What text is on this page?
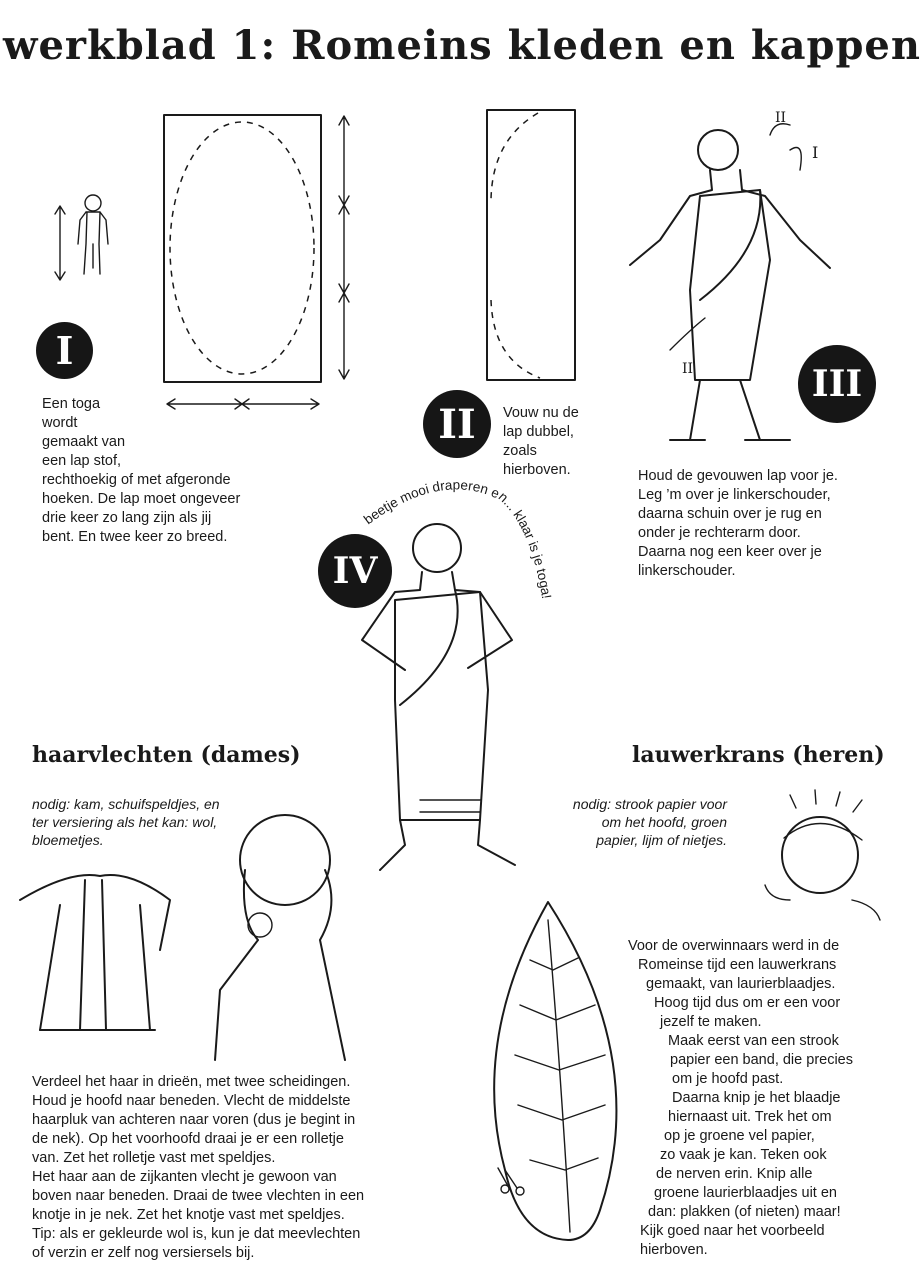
werkblad 1: Romeins kleden en kappen
I
Een toga
wordt
gemaakt van
een lap stof,
rechthoekig of met afgeronde
hoeken. De lap moet ongeveer
drie keer zo lang zijn als jij
bent. En twee keer zo breed.
II	Vouw nu de
lap dubbel,
zoals
hierboven.
II
I
II	III
Houd de gevouwen lap voor je.
Leg ’m over je linkerschouder,
daarna schuin over je rug en
onder je rechterarm door.
Daarna nog een keer over je
linkerschouder.
IV
beetje mooi draperen en... klaar is je toga!
haarvlechten (dames)
nodig: kam, schuifspeldjes, en
ter versiering als het kan: wol,
bloemetjes.
Verdeel het haar in drieën, met twee scheidingen.
Houd je hoofd naar beneden. Vlecht de middelste
haarpluk van achteren naar voren (dus je begint in
de nek). Op het voorhoofd draai je er een rolletje
van. Zet het rolletje vast met speldjes.
Het haar aan de zijkanten vlecht je gewoon van
boven naar beneden. Draai de twee vlechten in een
knotje in je nek. Zet het knotje vast met speldjes.
Tip: als er gekleurde wol is, kun je dat meevlechten
of verzin er zelf nog versiersels bij.
lauwerkrans (heren)
nodig: strook papier voor
om het hoofd, groen
papier, lijm of nietjes.
Voor de overwinnaars werd in de
Romeinse tijd een lauwerkrans
gemaakt, van laurierblaadjes.
Hoog tijd dus om er een voor
jezelf te maken.
Maak eerst van een strook
papier een band, die precies
om je hoofd past.
Daarna knip je het blaadje
hiernaast uit. Trek het om
op je groene vel papier,
zo vaak je kan. Teken ook
de nerven erin. Knip alle
groene laurierblaadjes uit en
dan: plakken (of nieten) maar!
Kijk goed naar het voorbeeld
hierboven.
